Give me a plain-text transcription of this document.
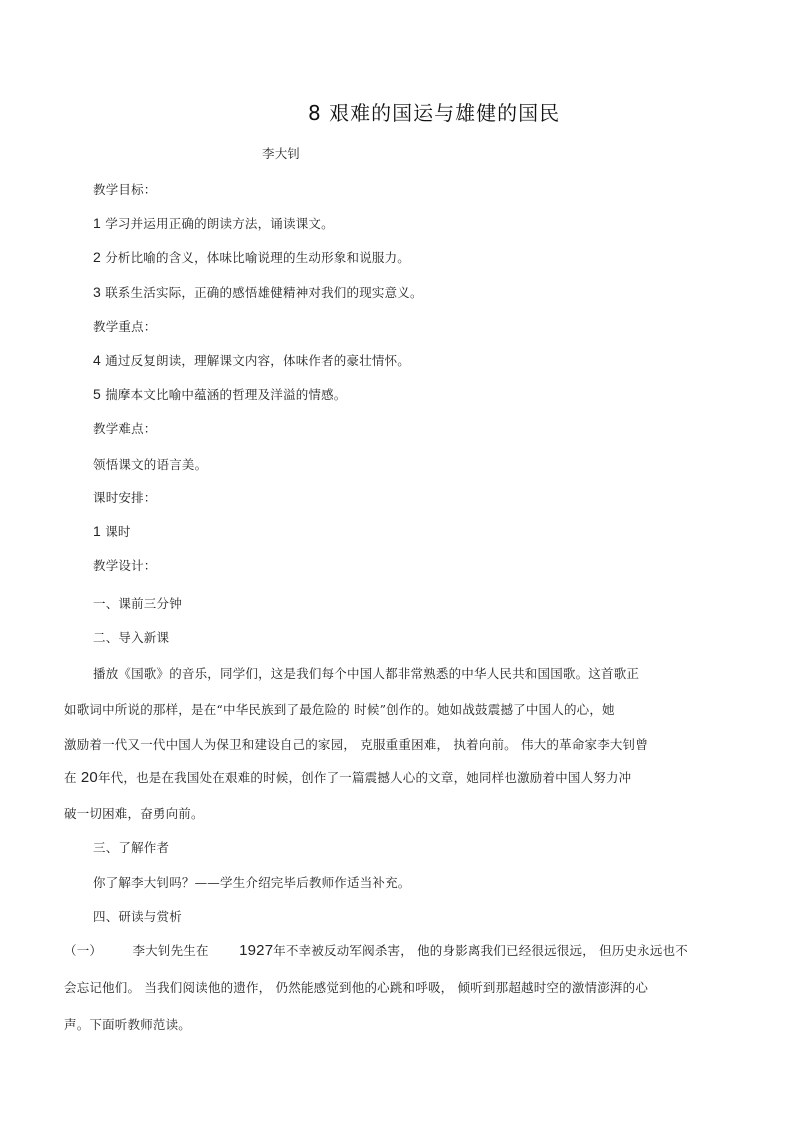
8 艰难的国运与雄健的国民
李大钊
教学目标：
1 学习并运用正确的朗读方法，诵读课文。
2 分析比喻的含义，体味比喻说理的生动形象和说服力。
3 联系生活实际，正确的感悟雄健精神对我们的现实意义。
教学重点：
4 通过反复朗读，理解课文内容，体味作者的豪壮情怀。
5 揣摩本文比喻中蕴涵的哲理及洋溢的情感。
教学难点：
领悟课文的语言美。
课时安排：
1 课时
教学设计：
一、课前三分钟
二、导入新课
播放《国歌》的音乐，同学们，这是我们每个中国人都非常熟悉的中华人民共和国国歌。这首歌正
如歌词中所说的那样，是在“中华民族到了最危险的 时候”创作的。她如战鼓震撼了中国人的心，她
激励着一代又一代中国人为保卫和建设自己的家园， 克服重重困难， 执着向前。 伟大的革命家李大钊曾
在 20年代，也是在我国处在艰难的时候，创作了一篇震撼人心的文章，她同样也激励着中国人努力冲
破一切困难，奋勇向前。
三、了解作者
你了解李大钊吗？——学生介绍完毕后教师作适当补充。
四、研读与赏析
（一） 李大钊先生在 1927年不幸被反动军阀杀害， 他的身影离我们已经很远很远， 但历史永远也不
会忘记他们。 当我们阅读他的遗作， 仍然能感觉到他的心跳和呼吸， 倾听到那超越时空的激情澎湃的心
声。下面听教师范读。
